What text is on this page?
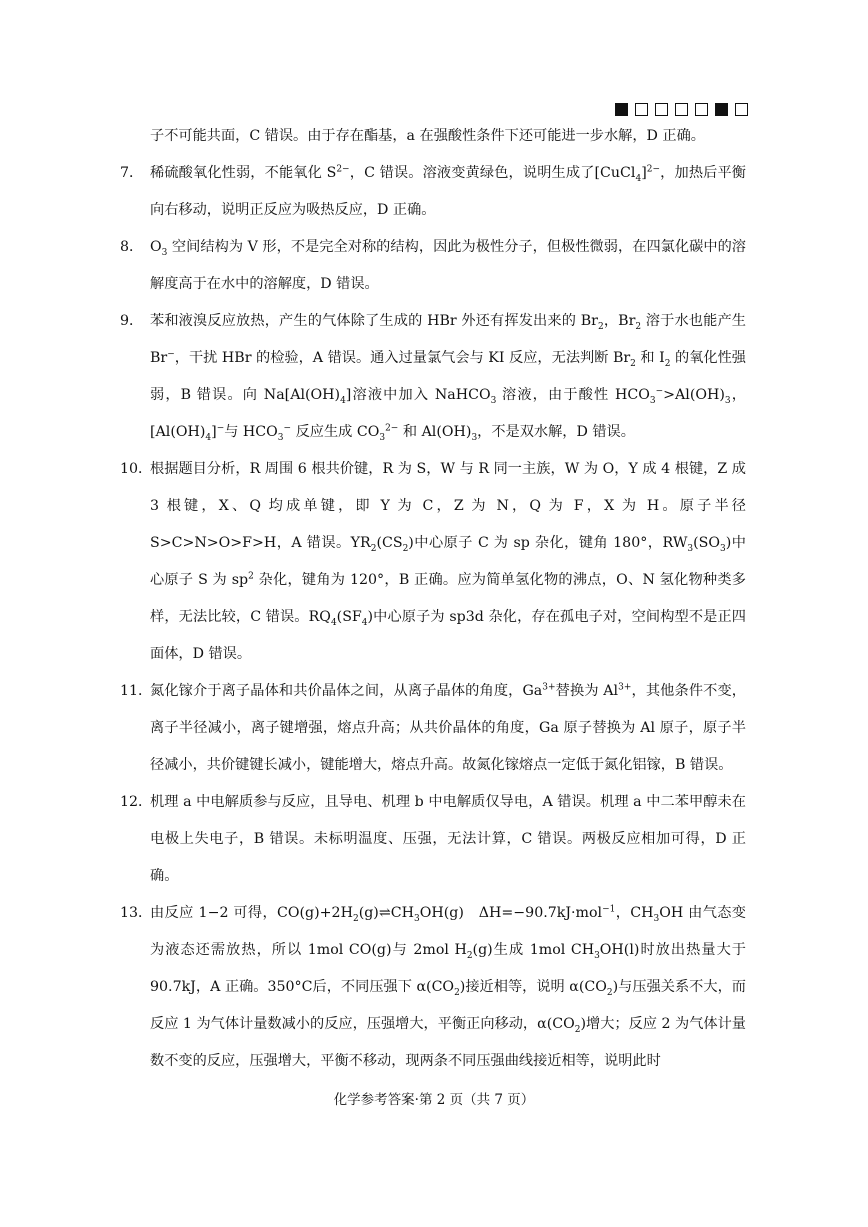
子不可能共面，C 错误。由于存在酯基，a 在强酸性条件下还可能进一步水解，D 正确。
7． 稀硫酸氧化性弱，不能氧化 $S^{2-}$，C 错误。溶液变黄绿色，说明生成了[CuCl$_4$]$^{2-}$，加热后平衡向右移动，说明正反应为吸热反应，D 正确。
8． $O_3$ 空间结构为 V 形，不是完全对称的结构，因此为极性分子，但极性微弱，在四氯化碳中的溶解度高于在水中的溶解度，D 错误。
9． 苯和液溴反应放热，产生的气体除了生成的 HBr 外还有挥发出来的 $Br_2$，$Br_2$ 溶于水也能产生 Br−，干扰 HBr 的检验，A 错误。通入过量氯气会与 KI 反应，无法判断 $Br_2$ 和 $I_2$ 的氧化性强弱，B 错误。向 $Na[Al(OH)_4]$溶液中加入 NaHCO$_3$ 溶液，由于酸性 $HCO_3^->Al(OH)_3$，$[Al(OH)_4]^-$与 $HCO_3^-$ 反应生成 $CO_3^{2-}$ 和 $Al(OH)_3$，不是双水解，D 错误。
10．
根据题目分析，R 周围 6 根共价键，R 为 S，W 与 R 同一主族，W 为 O，Y 成 4 根键，Z 成 3 根键，X、Q 均成单键，即 Y 为 C，Z 为 N，Q 为 F，X 为 H。原子半径 S>C>N>O>F>H，A 错误。$YR_2(CS_2)$中心原子 C 为 sp 杂化，键角 180°，$RW_3(SO_3)$中心原子 S 为 $sp^2$ 杂化，键角为 120°，B 正确。应为简单氢化物的沸点，O、N 氢化物种类多样，无法比较，C 错误。$RQ_4(SF_4)$中心原子为 sp3d 杂化，存在孤电子对，空间构型不是正四面体，D 错误。
11．
氮化镓介于离子晶体和共价晶体之间，从离子晶体的角度，$Ga^{3+}$替换为 $Al^{3+}$，其他条件不变，离子半径减小，离子键增强，熔点升高；从共价晶体的角度，Ga 原子替换为 Al 原子，原子半径减小，共价键键长减小，键能增大，熔点升高。故氮化镓熔点一定低于氮化铝镓，B 错误。
12．
机理 a 中电解质参与反应，且导电、机理 b 中电解质仅导电，A 错误。机理 a 中二苯甲醇未在电极上失电子，B 错误。未标明温度、压强，无法计算，C 错误。两极反应相加可得，D 正确。
13．
由反应 1−2 可得，$CO(g)+2H_2(g)\rightleftharpoons CH_3OH(g)$　ΔH=−90.7kJ·mol$^{-1}$，$CH_3OH$ 由气态变为液态还需放热，所以 1mol CO(g)与 2mol $H_2(g)$生成 1mol $CH_3OH(l)$时放出热量大于 90.7kJ，A 正确。350°C后，不同压强下 $\alpha(CO_2)$接近相等，说明 $\alpha(CO_2)$与压强关系不大，而反应 1 为气体计量数减小的反应，压强增大，平衡正向移动，$\alpha(CO_2)$增大；反应 2 为气体计量数不变的反应，压强增大，平衡不移动，现两条不同压强曲线接近相等，说明此时
化学参考答案·第 2 页（共 7 页）
